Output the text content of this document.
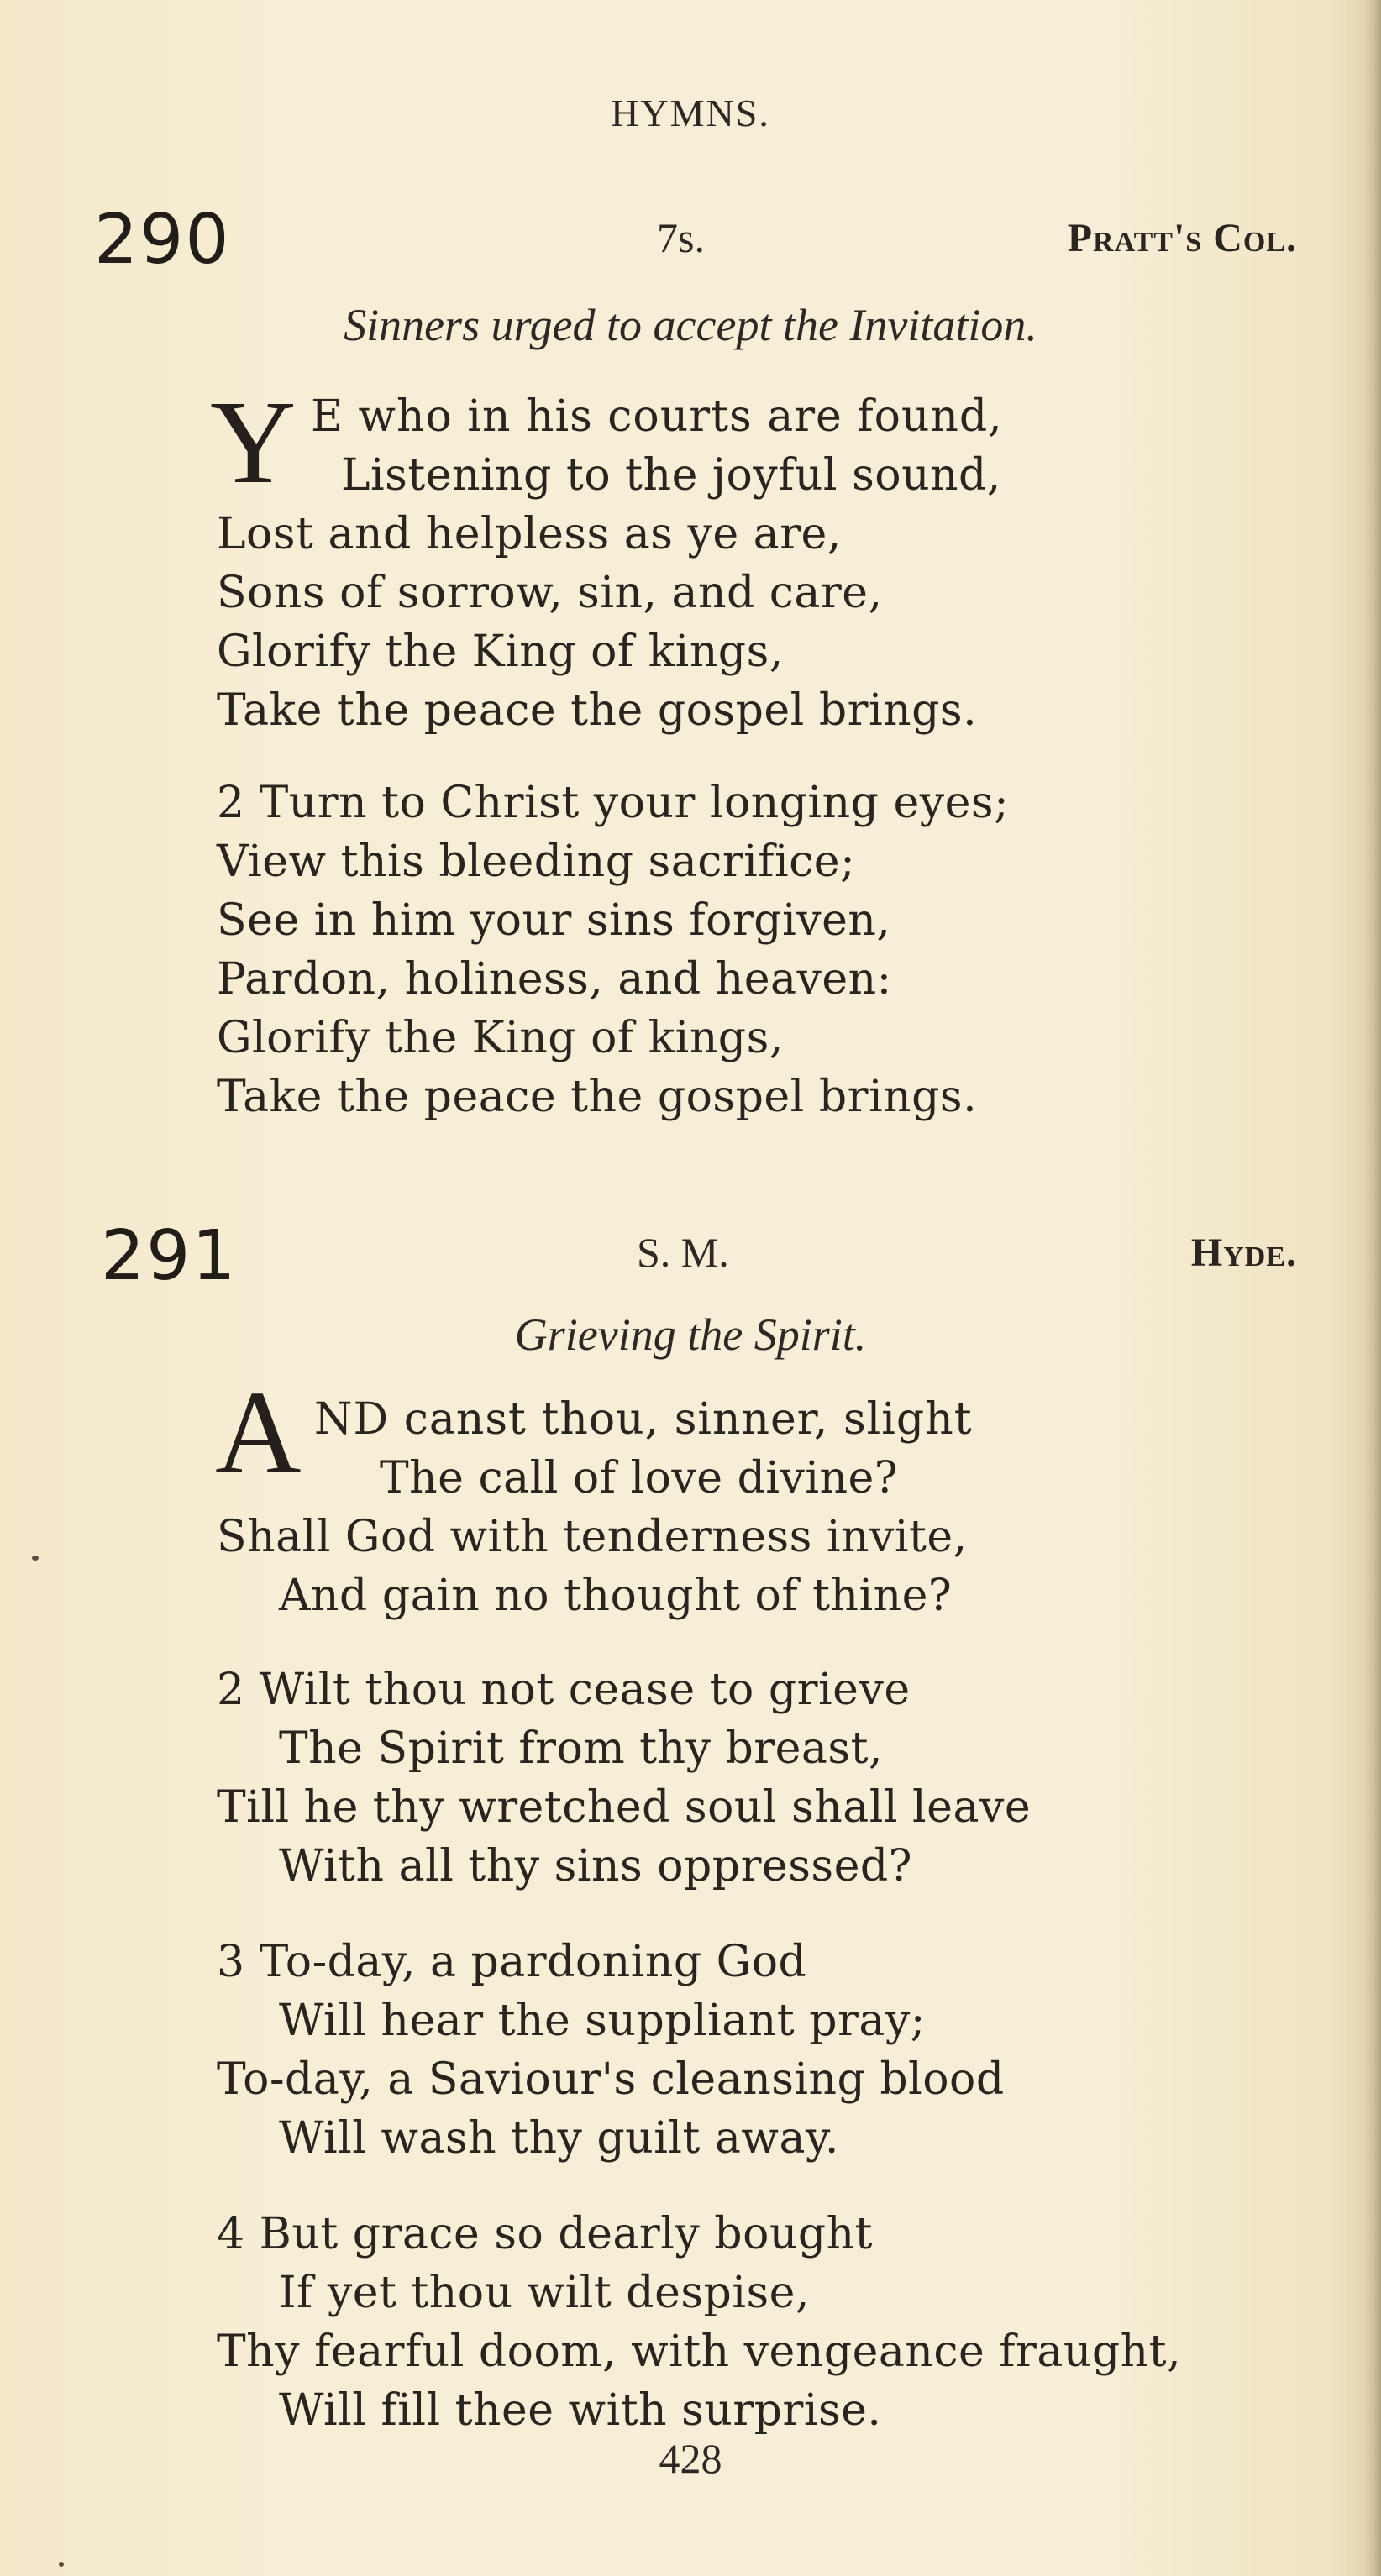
HYMNS.
290	7s.	Pratt's Col.
Sinners urged to accept the Invitation.
Y E who in his courts are found,
Listening to the joyful sound,
Lost and helpless as ye are,
Sons of sorrow, sin, and care,
Glorify the King of kings,
Take the peace the gospel brings.
2 Turn to Christ your longing eyes;
View this bleeding sacrifice;
See in him your sins forgiven,
Pardon, holiness, and heaven:
Glorify the King of kings,
Take the peace the gospel brings.
291	S. M.	Hyde.
Grieving the Spirit.
A ND canst thou, sinner, slight
The call of love divine?
Shall God with tenderness invite,
And gain no thought of thine?
2 Wilt thou not cease to grieve
The Spirit from thy breast,
Till he thy wretched soul shall leave
With all thy sins oppressed?
3 To-day, a pardoning God
Will hear the suppliant pray;
To-day, a Saviour's cleansing blood
Will wash thy guilt away.
4 But grace so dearly bought
If yet thou wilt despise,
Thy fearful doom, with vengeance fraught,
Will fill thee with surprise.
428
